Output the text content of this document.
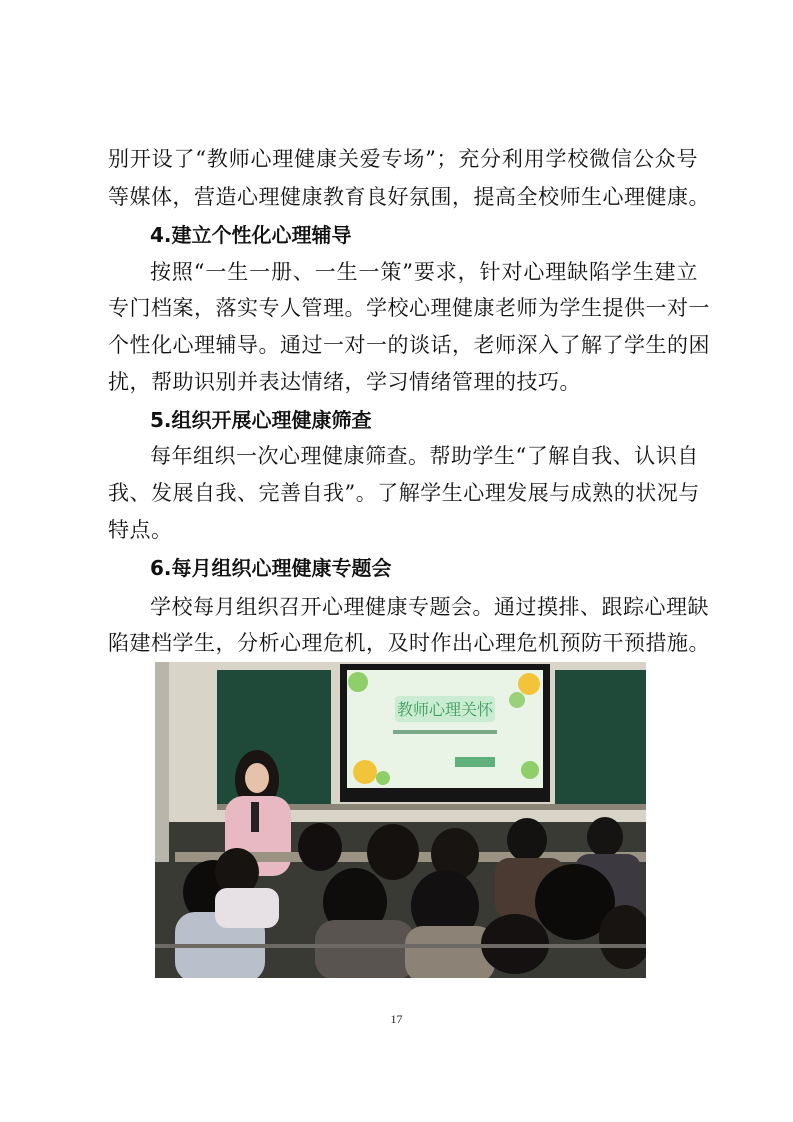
别开设了“教师心理健康关爱专场”；充分利用学校微信公众号
等媒体，营造心理健康教育良好氛围，提高全校师生心理健康。
4.建立个性化心理辅导
按照“一生一册、一生一策”要求，针对心理缺陷学生建立
专门档案，落实专人管理。学校心理健康老师为学生提供一对一
个性化心理辅导。通过一对一的谈话，老师深入了解了学生的困
扰，帮助识别并表达情绪，学习情绪管理的技巧。
5.组织开展心理健康筛查
每年组织一次心理健康筛查。帮助学生“了解自我、认识自
我、发展自我、完善自我”。了解学生心理发展与成熟的状况与
特点。
6.每月组织心理健康专题会
学校每月组织召开心理健康专题会。通过摸排、跟踪心理缺
陷建档学生，分析心理危机，及时作出心理危机预防干预措施。
教师心理关怀
17
